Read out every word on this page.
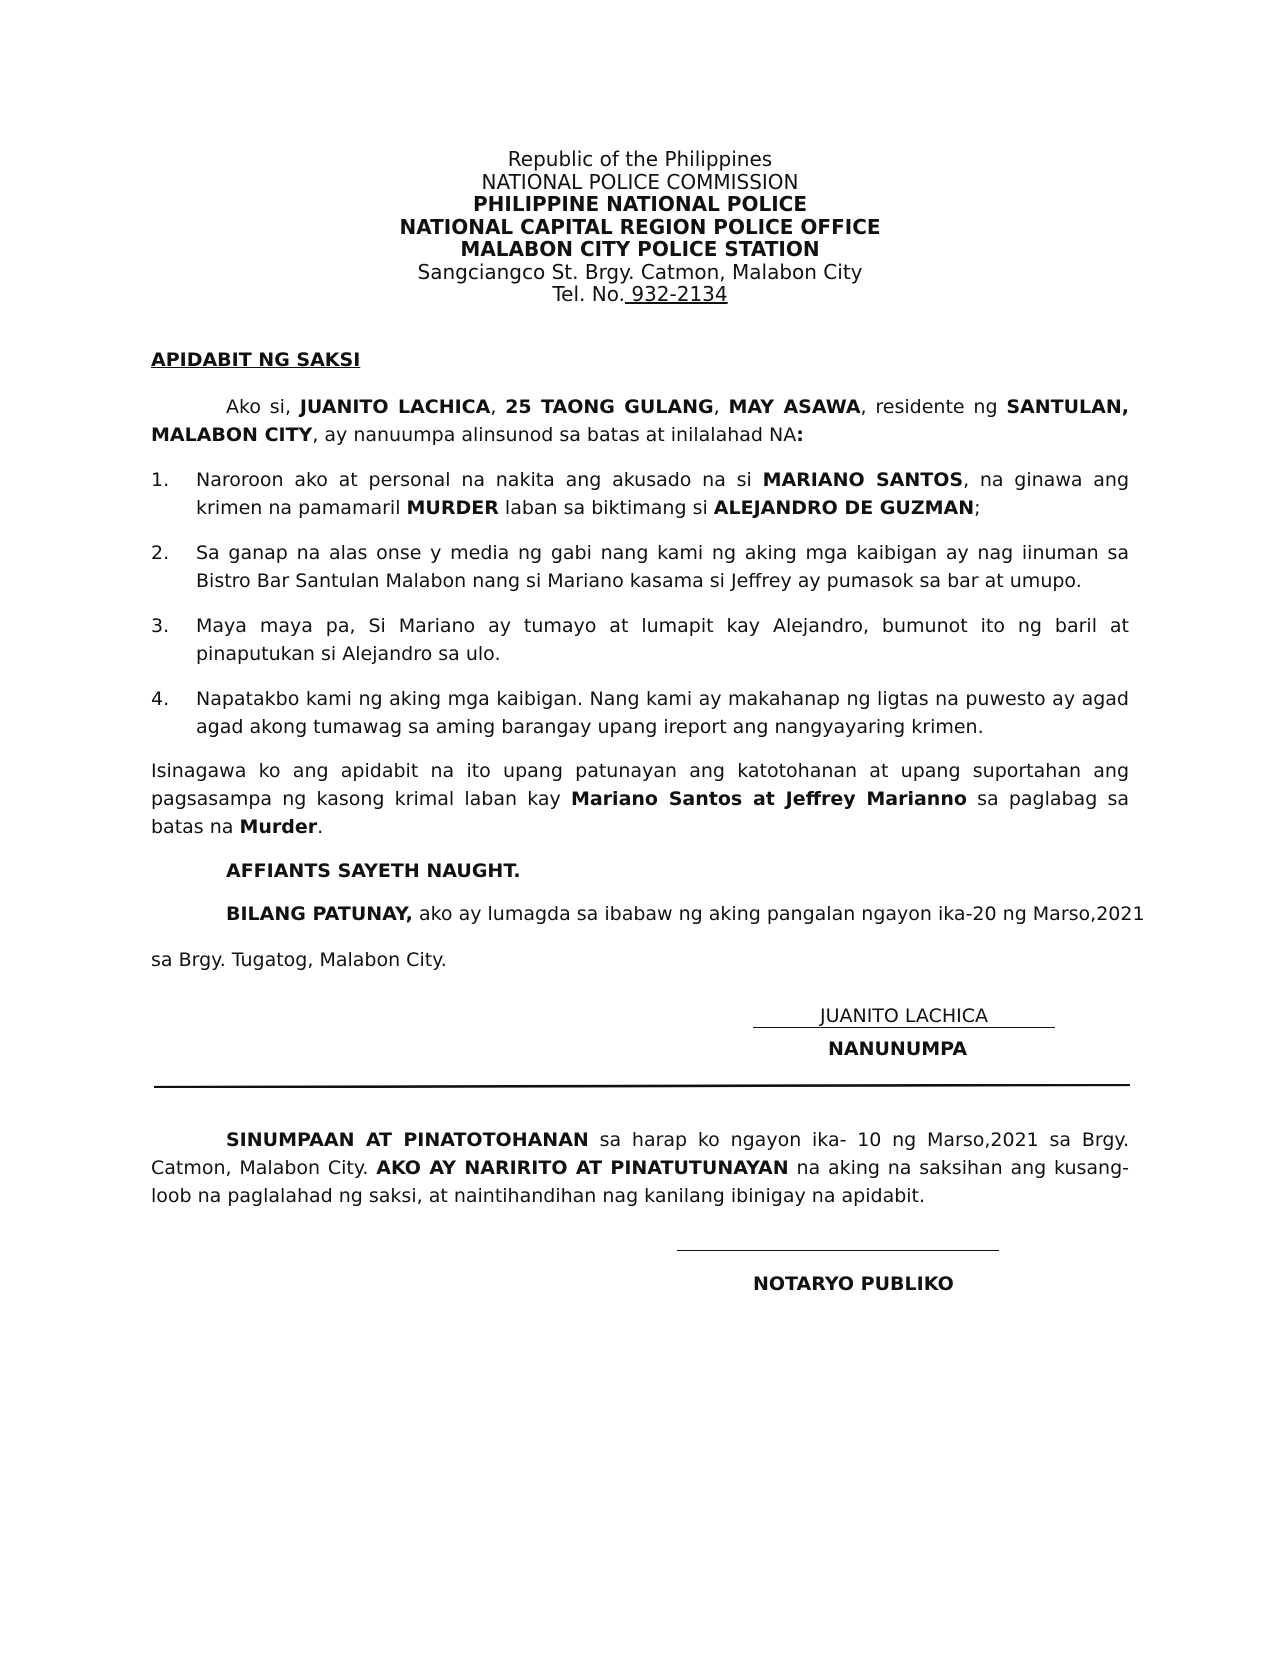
Republic of the Philippines
NATIONAL POLICE COMMISSION
PHILIPPINE NATIONAL POLICE
NATIONAL CAPITAL REGION POLICE OFFICE
MALABON CITY POLICE STATION
Sangciangco St. Brgy. Catmon, Malabon City
Tel. No. 932-2134
APIDABIT NG SAKSI
Ako si, JUANITO LACHICA, 25 TAONG GULANG, MAY ASAWA, residente ng SANTULAN, MALABON CITY, ay nanuumpa alinsunod sa batas at inilalahad NA:
1. Naroroon ako at personal na nakita ang akusado na si MARIANO SANTOS, na ginawa ang krimen na pamamaril MURDER laban sa biktimang si ALEJANDRO DE GUZMAN;
2. Sa ganap na alas onse y media ng gabi nang kami ng aking mga kaibigan ay nag iinuman sa Bistro Bar Santulan Malabon nang si Mariano kasama si Jeffrey ay pumasok sa bar at umupo.
3. Maya maya pa, Si Mariano ay tumayo at lumapit kay Alejandro, bumunot ito ng baril at pinaputukan si Alejandro sa ulo.
4. Napatakbo kami ng aking mga kaibigan. Nang kami ay makahanap ng ligtas na puwesto ay agad agad akong tumawag sa aming barangay upang ireport ang nangyayaring krimen.
Isinagawa ko ang apidabit na ito upang patunayan ang katotohanan at upang suportahan ang pagsasampa ng kasong krimal laban kay Mariano Santos at Jeffrey Marianno sa paglabag sa batas na Murder.
AFFIANTS SAYETH NAUGHT.
BILANG PATUNAY, ako ay lumagda sa ibabaw ng aking pangalan ngayon ika-20 ng Marso,2021
sa Brgy. Tugatog, Malabon City.
JUANITO LACHICA
NANUNUMPA
SINUMPAAN AT PINATOTOHANAN sa harap ko ngayon ika- 10 ng Marso,2021 sa Brgy. Catmon, Malabon City. AKO AY NARIRITO AT PINATUTUNAYAN na aking na saksihan ang kusang-loob na paglalahad ng saksi, at naintihandihan nag kanilang ibinigay na apidabit.
NOTARYO PUBLIKO
